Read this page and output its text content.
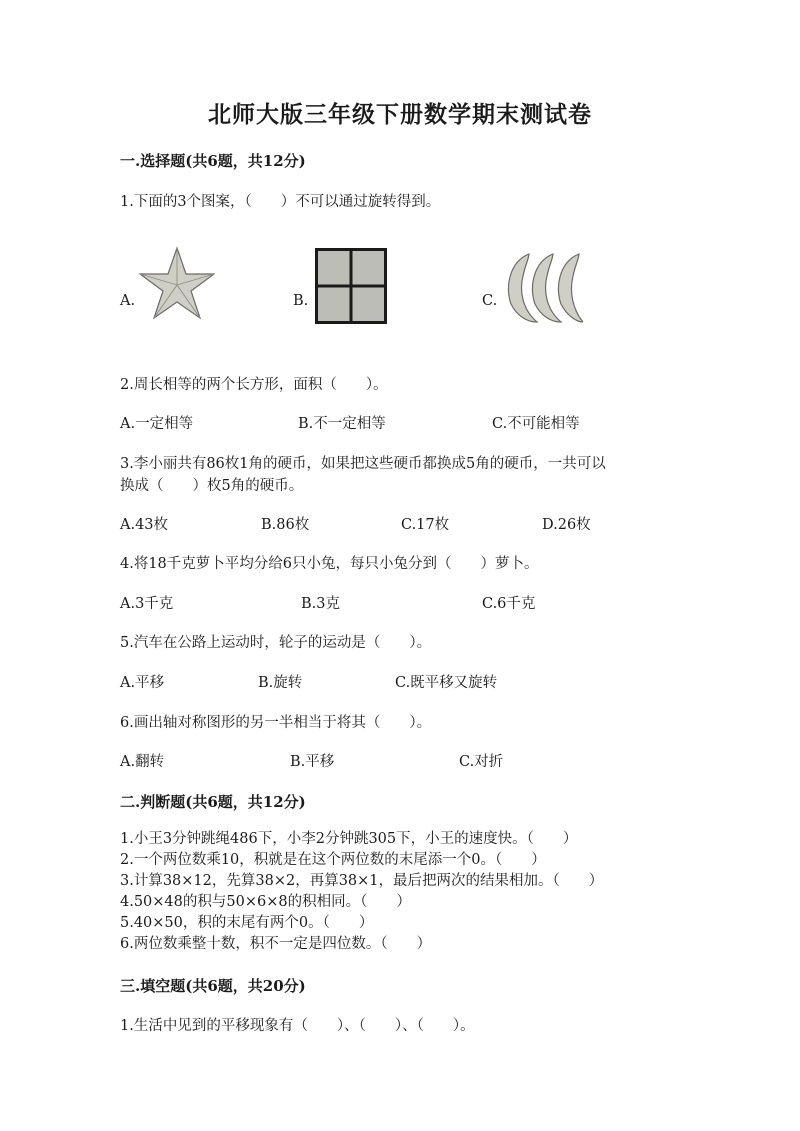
北师大版三年级下册数学期末测试卷
一.选择题(共6题，共12分)
1.下面的3个图案，（　　）不可以通过旋转得到。
A.	B.	C.
2.周长相等的两个长方形，面积（　　）。
A.一定相等	B.不一定相等	C.不可能相等
3.李小丽共有86枚1角的硬币，如果把这些硬币都换成5角的硬币，一共可以
换成（　　）枚5角的硬币。
A.43枚	B.86枚	C.17枚	D.26枚
4.将18千克萝卜平均分给6只小兔，每只小兔分到（　　）萝卜。
A.3千克	B.3克	C.6千克
5.汽车在公路上运动时，轮子的运动是（　　）。
A.平移	B.旋转	C.既平移又旋转
6.画出轴对称图形的另一半相当于将其（　　）。
A.翻转	B.平移	C.对折
二.判断题(共6题，共12分)
1.小王3分钟跳绳486下，小李2分钟跳305下，小王的速度快。（　　）
2.一个两位数乘10，积就是在这个两位数的末尾添一个0。（　　）
3.计算38×12，先算38×2，再算38×1，最后把两次的结果相加。（　　）
4.50×48的积与50×6×8的积相同。（　　）
5.40×50，积的末尾有两个0。（　　）
6.两位数乘整十数，积不一定是四位数。（　　）
三.填空题(共6题，共20分)
1.生活中见到的平移现象有（　　）、（　　）、（　　）。
